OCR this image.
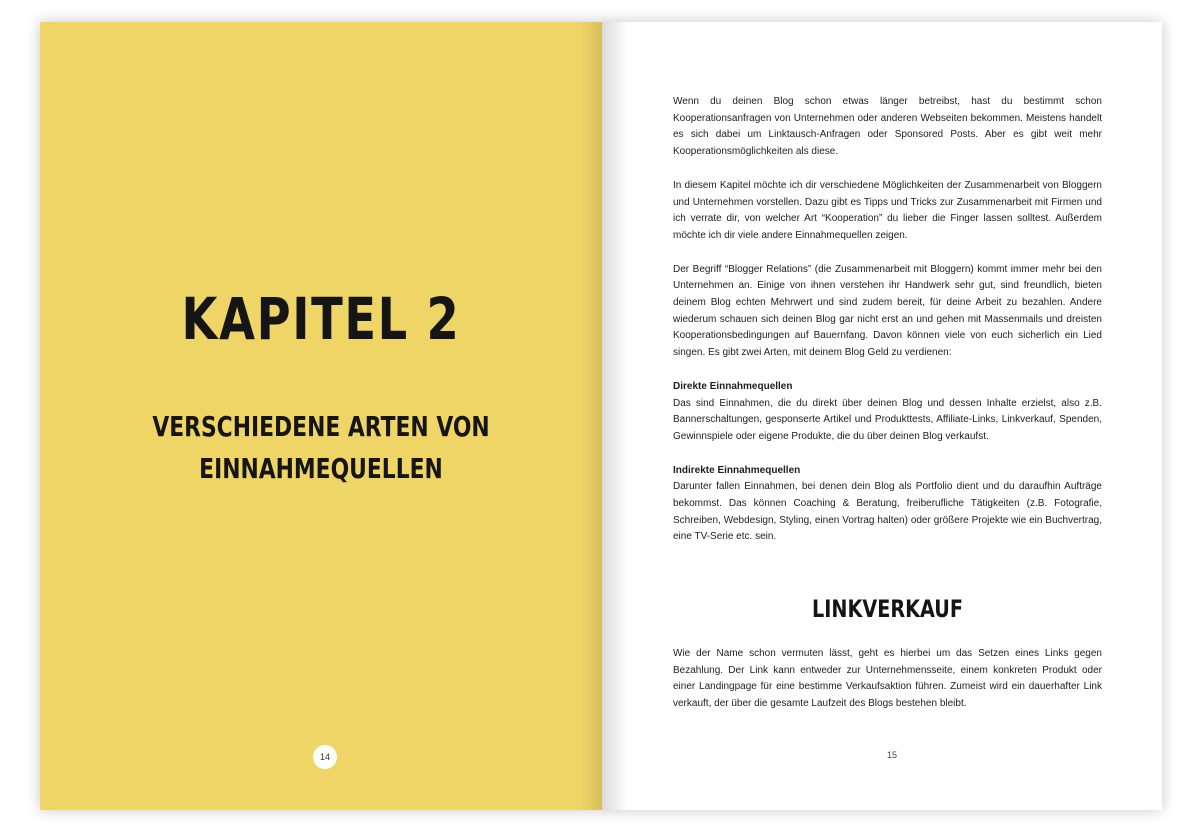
KAPITEL 2
VERSCHIEDENE ARTEN VON
EINNAHMEQUELLEN
14

Wenn du deinen Blog schon etwas länger betreibst, hast du bestimmt schon Kooperationsanfragen von Unternehmen oder anderen Webseiten bekommen. Meistens handelt es sich dabei um Linktausch-Anfragen oder Sponsored Posts. Aber es gibt weit mehr Kooperationsmöglichkeiten als diese.

In diesem Kapitel möchte ich dir verschiedene Möglichkeiten der Zusammenarbeit von Bloggern und Unternehmen vorstellen. Dazu gibt es Tipps und Tricks zur Zusammenarbeit mit Firmen und ich verrate dir, von welcher Art “Kooperation” du lieber die Finger lassen solltest. Außerdem möchte ich dir viele andere Einnahmequellen zeigen.

Der Begriff “Blogger Relations” (die Zusammenarbeit mit Bloggern) kommt immer mehr bei den Unternehmen an. Einige von ihnen verstehen ihr Handwerk sehr gut, sind freundlich, bieten deinem Blog echten Mehrwert und sind zudem bereit, für deine Arbeit zu bezahlen. Andere wiederum schauen sich deinen Blog gar nicht erst an und gehen mit Massenmails und dreisten Kooperationsbedingungen auf Bauernfang. Davon können viele von euch sicherlich ein Lied singen. Es gibt zwei Arten, mit deinem Blog Geld zu verdienen:

Direkte Einnahmequellen
Das sind Einnahmen, die du direkt über deinen Blog und dessen Inhalte erzielst, also z.B. Bannerschaltungen, gesponserte Artikel und Produkttests, Affiliate-Links, Linkverkauf, Spenden, Gewinnspiele oder eigene Produkte, die du über deinen Blog verkaufst.

Indirekte Einnahmequellen
Darunter fallen Einnahmen, bei denen dein Blog als Portfolio dient und du daraufhin Aufträge bekommst. Das können Coaching & Beratung, freiberufliche Tätigkeiten (z.B. Fotografie, Schreiben, Webdesign, Styling, einen Vortrag halten) oder größere Projekte wie ein Buchvertrag, eine TV-Serie etc. sein.

LINKVERKAUF

Wie der Name schon vermuten lässt, geht es hierbei um das Setzen eines Links gegen Bezahlung. Der Link kann entweder zur Unternehmensseite, einem konkreten Produkt oder einer Landingpage für eine bestimme Verkaufsaktion führen. Zumeist wird ein dauerhafter Link verkauft, der über die gesamte Laufzeit des Blogs bestehen bleibt.

15
